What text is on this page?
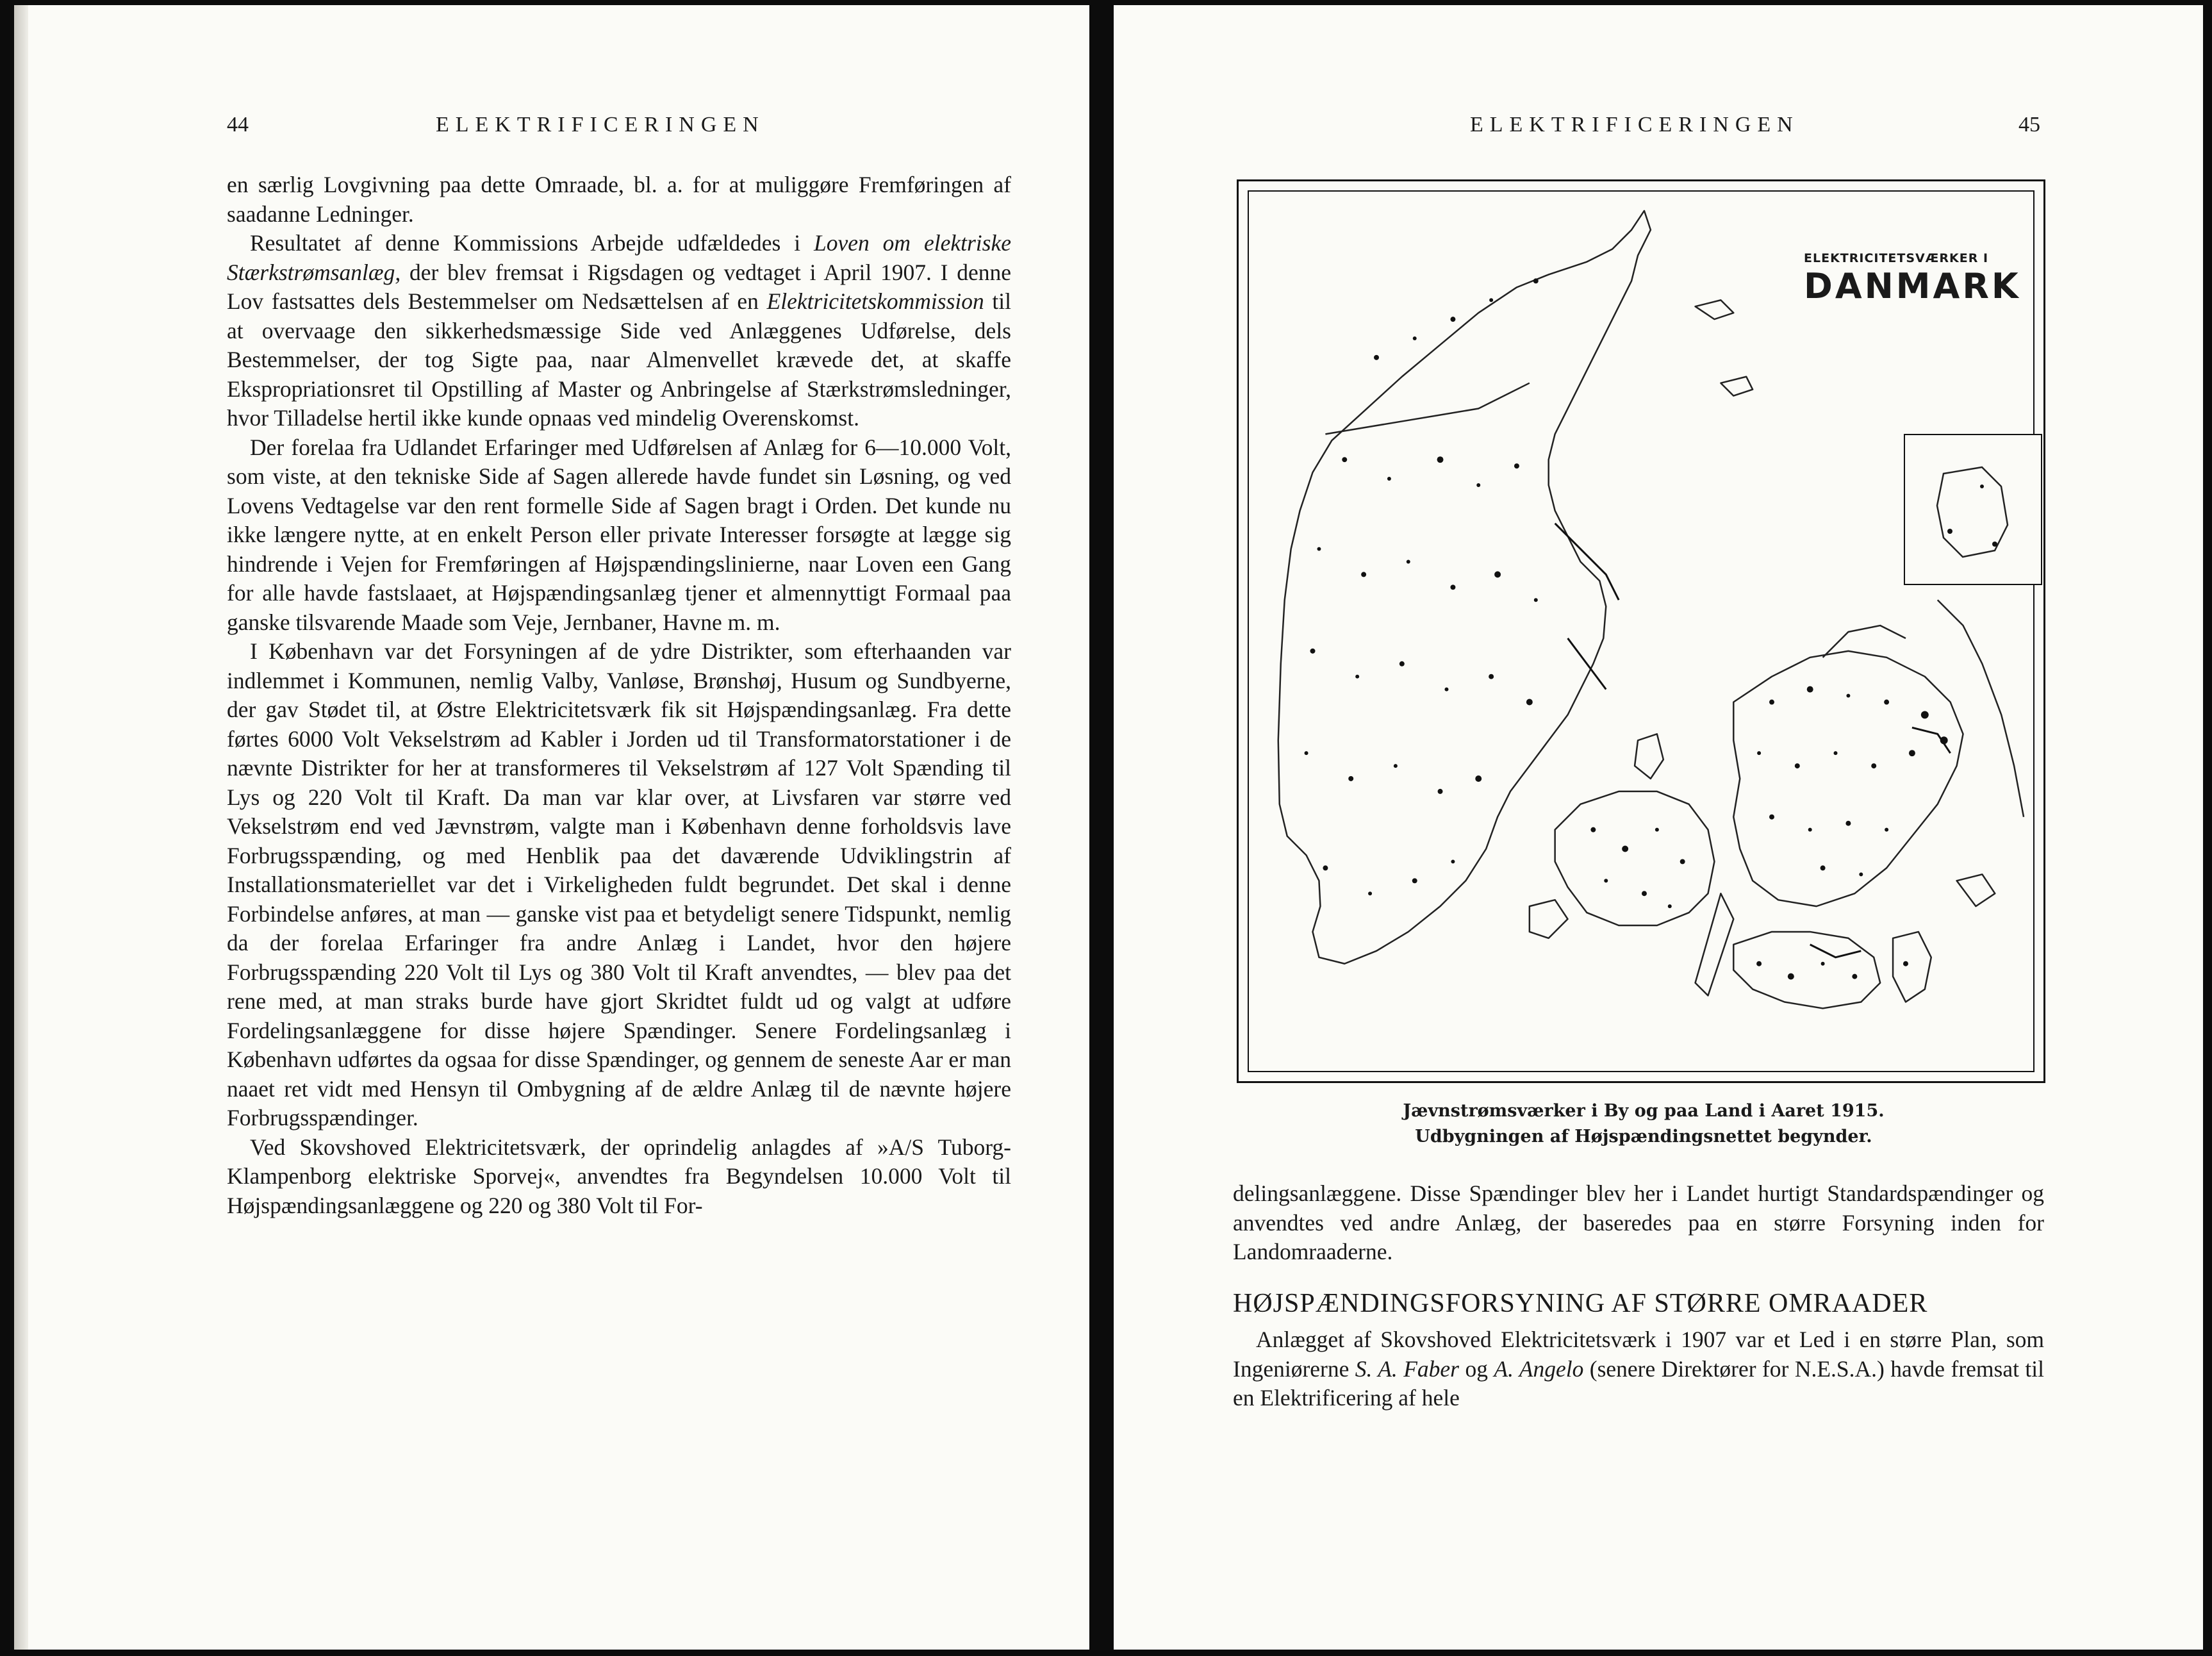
44	ELEKTRIFICERINGEN

en særlig Lovgivning paa dette Omraade, bl. a. for at muliggøre Fremføringen af saadanne Ledninger.

Resultatet af denne Kommissions Arbejde udfældedes i Loven om elektriske Stærkstrømsanlæg, der blev fremsat i Rigsdagen og vedtaget i April 1907. I denne Lov fastsattes dels Bestemmelser om Nedsættelsen af en Elektricitetskommission til at overvaage den sikkerhedsmæssige Side ved Anlæggenes Udførelse, dels Bestemmelser, der tog Sigte paa, naar Almenvellet krævede det, at skaffe Ekspropriationsret til Opstilling af Master og Anbringelse af Stærkstrømsledninger, hvor Tilladelse hertil ikke kunde opnaas ved mindelig Overenskomst.

Der forelaa fra Udlandet Erfaringer med Udførelsen af Anlæg for 6—10.000 Volt, som viste, at den tekniske Side af Sagen allerede havde fundet sin Løsning, og ved Lovens Vedtagelse var den rent formelle Side af Sagen bragt i Orden. Det kunde nu ikke længere nytte, at en enkelt Person eller private Interesser forsøgte at lægge sig hindrende i Vejen for Fremføringen af Højspændingslinierne, naar Loven een Gang for alle havde fastslaaet, at Højspændingsanlæg tjener et almennyttigt Formaal paa ganske tilsvarende Maade som Veje, Jernbaner, Havne m. m.

I København var det Forsyningen af de ydre Distrikter, som efterhaanden var indlemmet i Kommunen, nemlig Valby, Vanløse, Brønshøj, Husum og Sundbyerne, der gav Stødet til, at Østre Elektricitetsværk fik sit Højspændingsanlæg. Fra dette førtes 6000 Volt Vekselstrøm ad Kabler i Jorden ud til Transformatorstationer i de nævnte Distrikter for her at transformeres til Vekselstrøm af 127 Volt Spænding til Lys og 220 Volt til Kraft. Da man var klar over, at Livsfaren var større ved Vekselstrøm end ved Jævnstrøm, valgte man i København denne forholdsvis lave Forbrugsspænding, og med Henblik paa det daværende Udviklingstrin af Installationsmateriellet var det i Virkeligheden fuldt begrundet. Det skal i denne Forbindelse anføres, at man — ganske vist paa et betydeligt senere Tidspunkt, nemlig da der forelaa Erfaringer fra andre Anlæg i Landet, hvor den højere Forbrugsspænding 220 Volt til Lys og 380 Volt til Kraft anvendtes, — blev paa det rene med, at man straks burde have gjort Skridtet fuldt ud og valgt at udføre Fordelingsanlæggene for disse højere Spændinger. Senere Fordelingsanlæg i København udførtes da ogsaa for disse Spændinger, og gennem de seneste Aar er man naaet ret vidt med Hensyn til Ombygning af de ældre Anlæg til de nævnte højere Forbrugsspændinger.

Ved Skovshoved Elektricitetsværk, der oprindelig anlagdes af »A/S Tuborg-Klampenborg elektriske Sporvej«, anvendtes fra Begyndelsen 10.000 Volt til Højspændingsanlæggene og 220 og 380 Volt til For-

ELEKTRIFICERINGEN	45
ELEKTRICITETSVÆRKER I
DANMARK
Jævnstrømsværker i By og paa Land i Aaret 1915.
Udbygningen af Højspændingsnettet begynder.

delingsanlæggene. Disse Spændinger blev her i Landet hurtigt Standardspændinger og anvendtes ved andre Anlæg, der baseredes paa en større Forsyning inden for Landomraaderne.

HØJSPÆNDINGSFORSYNING AF STØRRE OMRAADER

Anlægget af Skovshoved Elektricitetsværk i 1907 var et Led i en større Plan, som Ingeniørerne S. A. Faber og A. Angelo (senere Direktører for N.E.S.A.) havde fremsat til en Elektrificering af hele
